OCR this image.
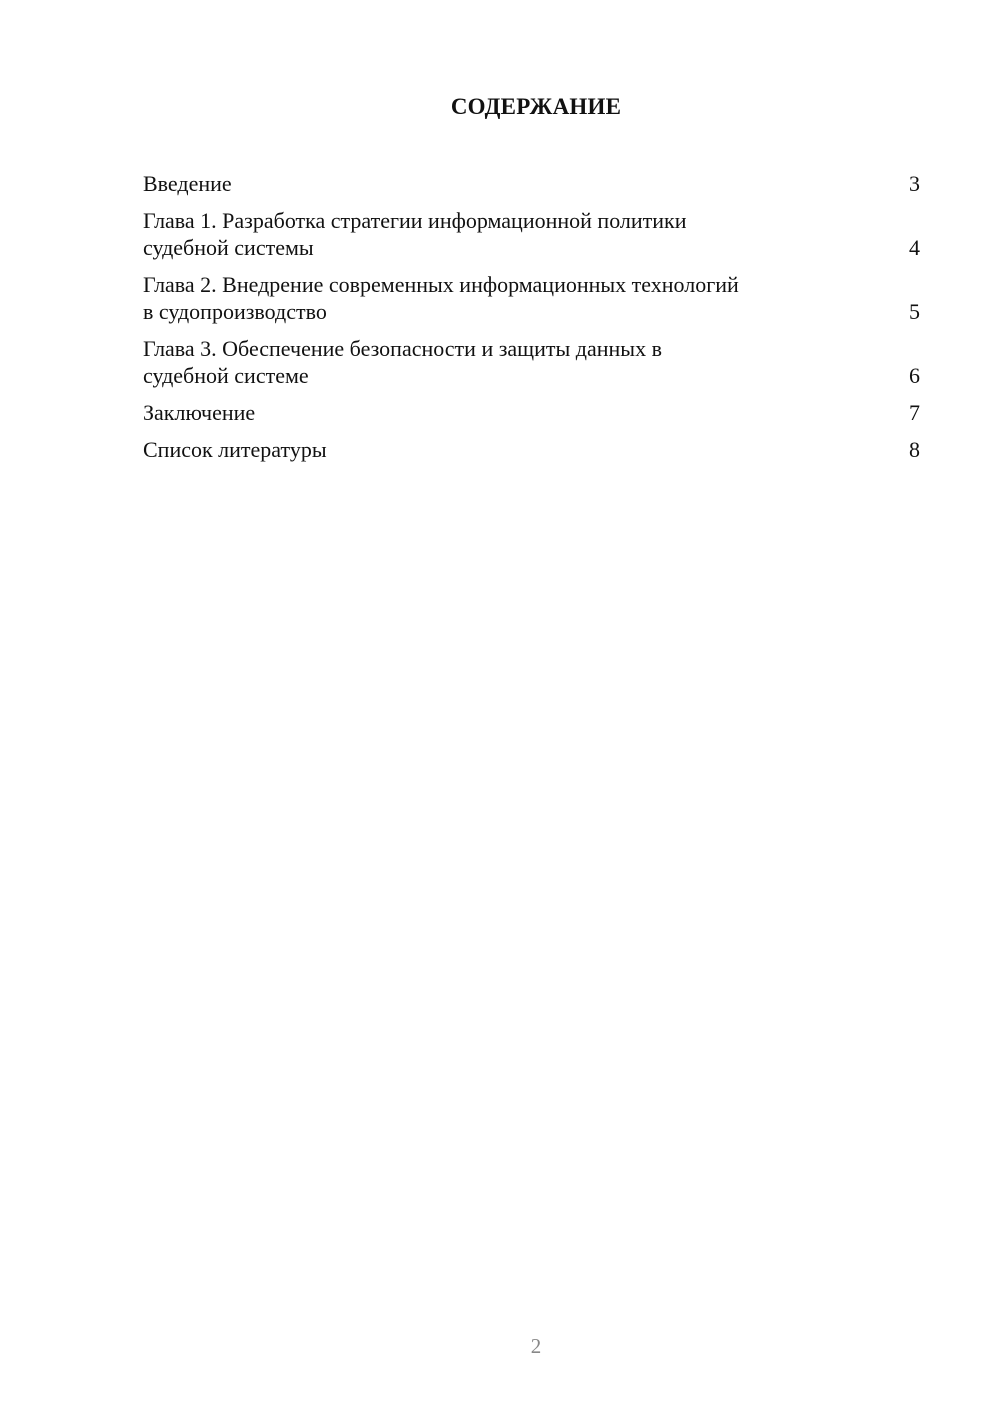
СОДЕРЖАНИЕ
Введение	3
Глава 1. Разработка стратегии информационной политики
судебной системы	4
Глава 2. Внедрение современных информационных технологий
в судопроизводство	5
Глава 3. Обеспечение безопасности и защиты данных в
судебной системе	6
Заключение	7
Список литературы	8
2
